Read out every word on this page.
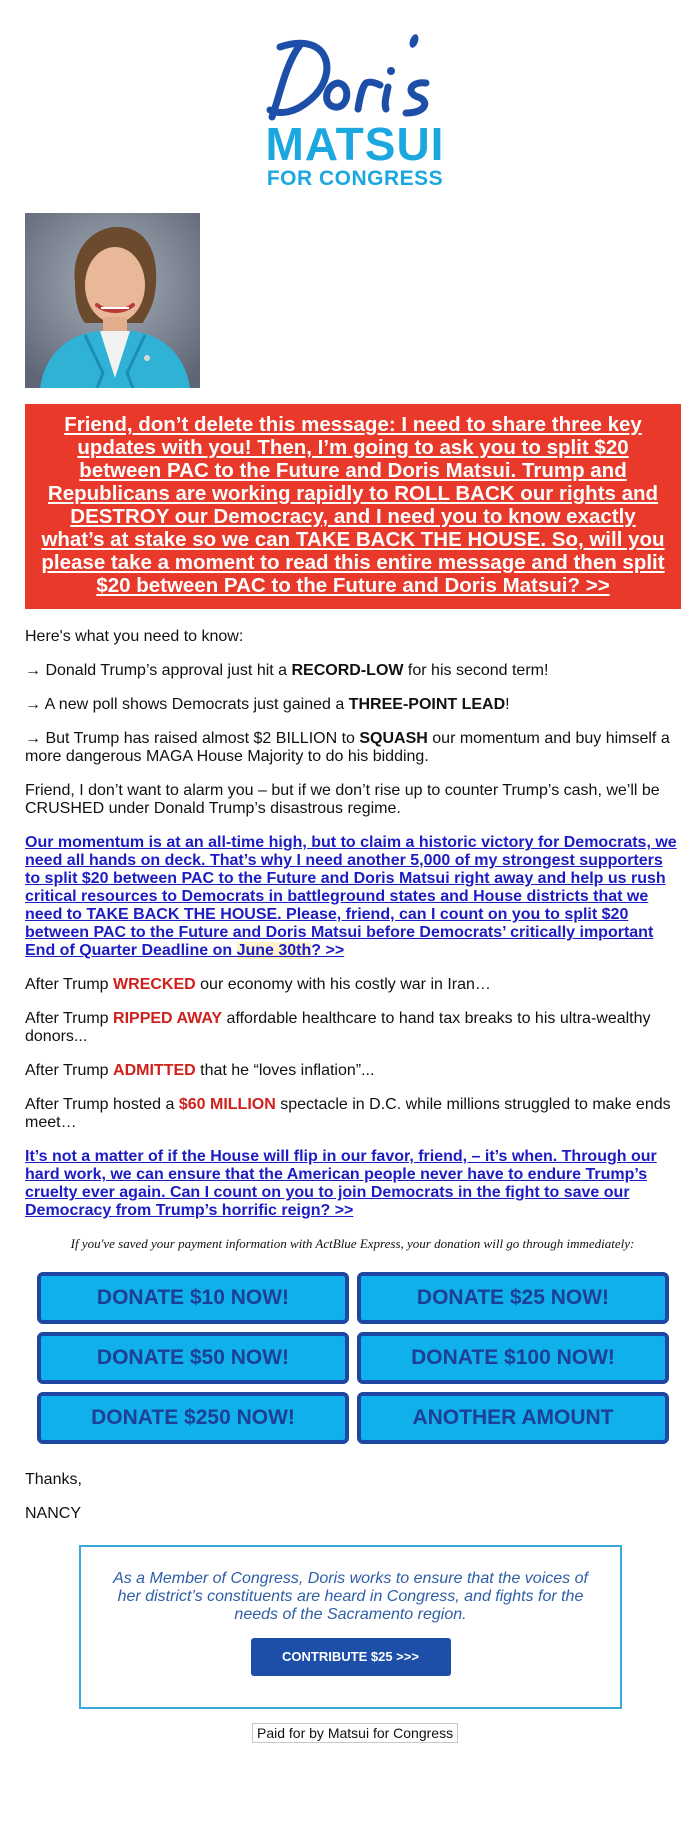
MATSUI
FOR CONGRESS
Friend, don’t delete this message: I need to share three key updates with you! Then, I’m going to ask you to split $20 between PAC to the Future and Doris Matsui. Trump and Republicans are working rapidly to ROLL BACK our rights and DESTROY our Democracy, and I need you to know exactly what’s at stake so we can TAKE BACK THE HOUSE. So, will you please take a moment to read this entire message and then split $20 between PAC to the Future and Doris Matsui? >>

Here's what you need to know:

→ Donald Trump’s approval just hit a RECORD-LOW for his second term!

→ A new poll shows Democrats just gained a THREE-POINT LEAD!

→ But Trump has raised almost $2 BILLION to SQUASH our momentum and buy himself a more dangerous MAGA House Majority to do his bidding.

Friend, I don’t want to alarm you – but if we don’t rise up to counter Trump’s cash, we’ll be CRUSHED under Donald Trump’s disastrous regime.

Our momentum is at an all-time high, but to claim a historic victory for Democrats, we need all hands on deck. That’s why I need another 5,000 of my strongest supporters to split $20 between PAC to the Future and Doris Matsui right away and help us rush critical resources to Democrats in battleground states and House districts that we need to TAKE BACK THE HOUSE. Please, friend, can I count on you to split $20 between PAC to the Future and Doris Matsui before Democrats’ critically important End of Quarter Deadline on June 30th? >>

After Trump WRECKED our economy with his costly war in Iran…

After Trump RIPPED AWAY affordable healthcare to hand tax breaks to his ultra-wealthy donors...

After Trump ADMITTED that he “loves inflation”...

After Trump hosted a $60 MILLION spectacle in D.C. while millions struggled to make ends meet…

It’s not a matter of if the House will flip in our favor, friend, – it’s when. Through our hard work, we can ensure that the American people never have to endure Trump’s cruelty ever again. Can I count on you to join Democrats in the fight to save our Democracy from Trump’s horrific reign? >>

If you've saved your payment information with ActBlue Express, your donation will go through immediately:
DONATE $10 NOW!	DONATE $25 NOW!
DONATE $50 NOW!	DONATE $100 NOW!
DONATE $250 NOW!	ANOTHER AMOUNT
Thanks,
NANCY
As a Member of Congress, Doris works to ensure that the voices of her district’s constituents are heard in Congress, and fights for the needs of the Sacramento region.
CONTRIBUTE $25 >>>
Paid for by Matsui for Congress
